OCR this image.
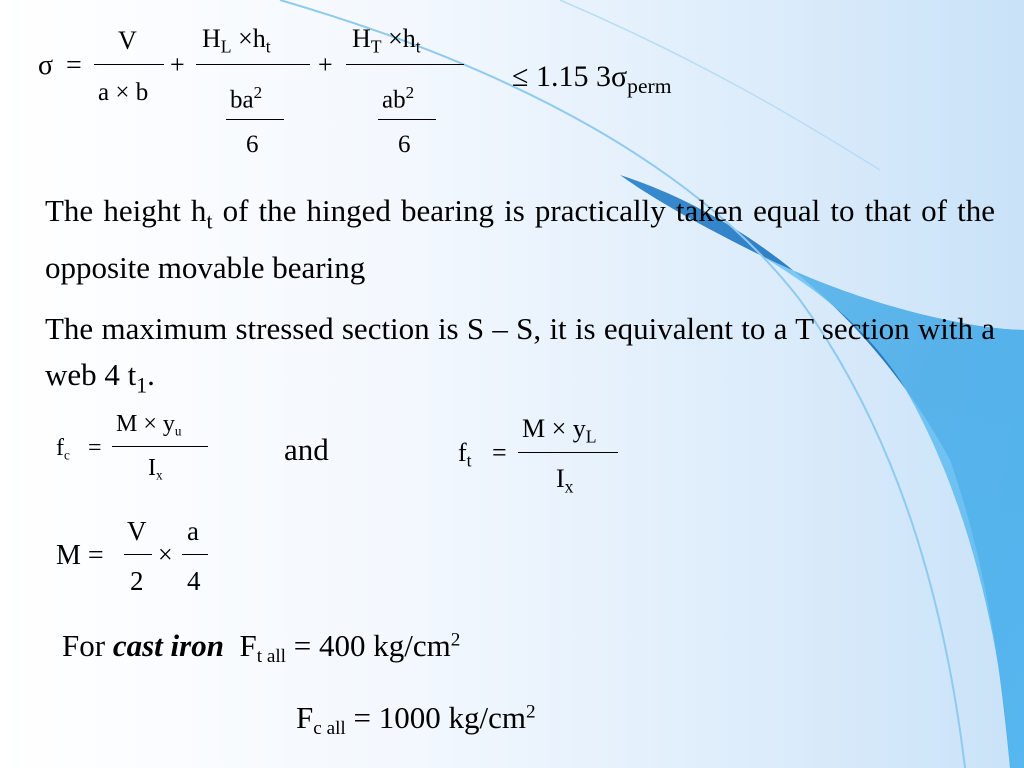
σ =
V
a × b
+
$H_L \times h_t$
$ba^2$
6
+
$H_T \times h_t$
$ab^2$
6
≤ 1.15 $3\sigma_{perm}$
The height $h_t$ of the hinged bearing is practically taken equal to that of the opposite movable bearing
The maximum stressed section is S – S, it is equivalent to a T section with a web 4 $t_1$.
fc =
M × yu
Ix
and	$f_t$ =
$M \times y_L$
$I_x$
M =
V
2
×
a
4
For cast iron $F_{t all} = 400$ $kg/cm^2$
$F_{c all} = 1000$ $kg/cm^2$
